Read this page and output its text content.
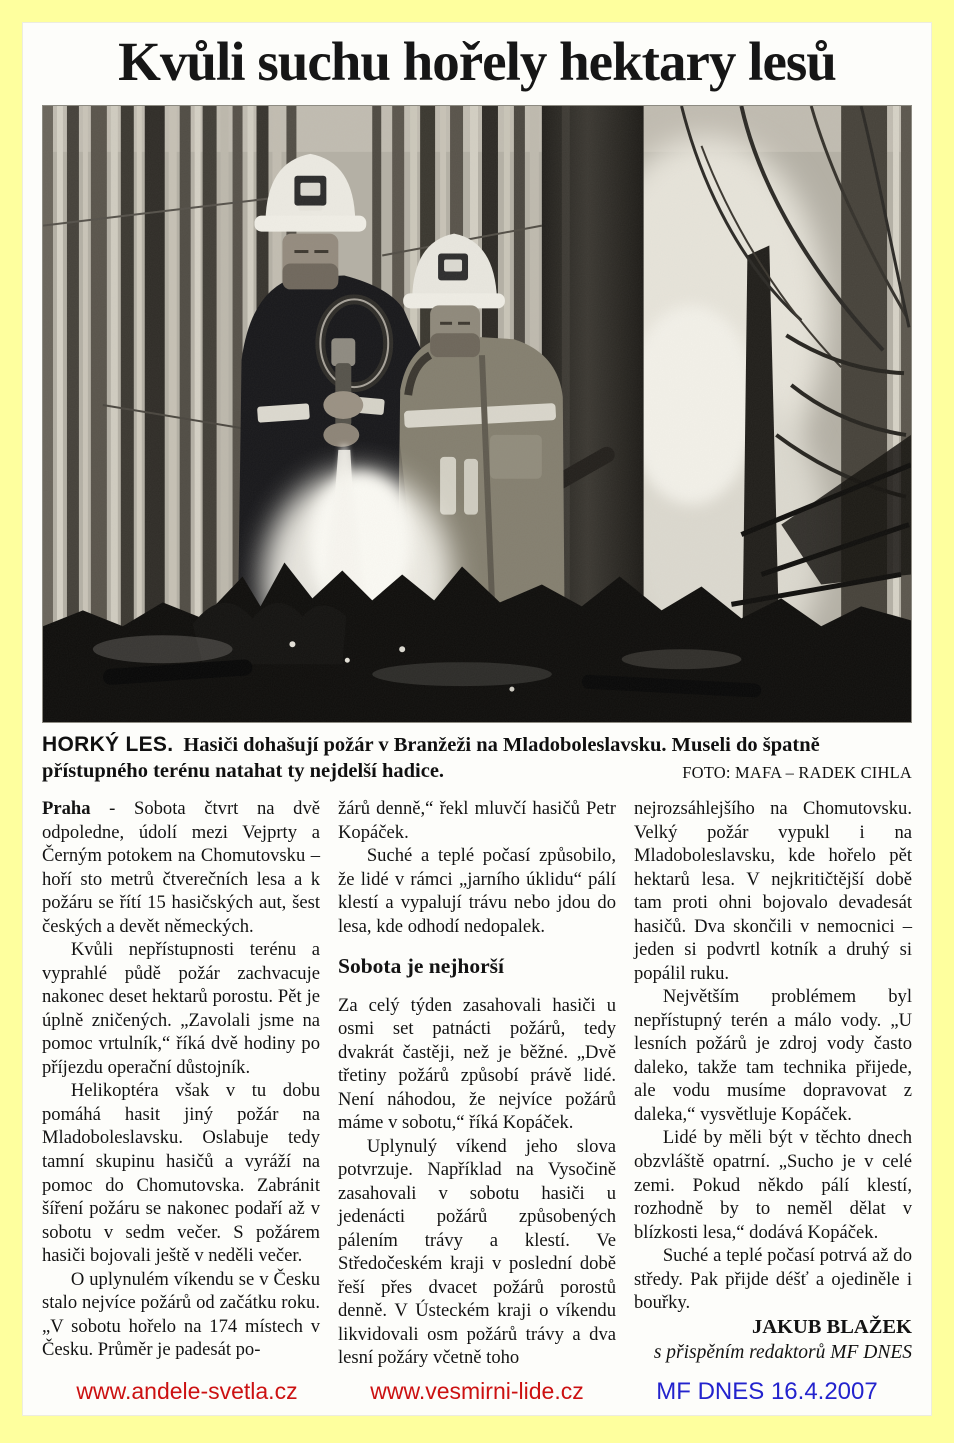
Kvůli suchu hořely hektary lesů
HORKÝ LES. Hasiči dohašují požár v Branžeži na Mladoboleslavsku. Museli do špatně přístupného terénu natahat ty nejdelší hadice.	FOTO: MAFA – RADEK CIHLA

Praha - Sobota čtvrt na dvě odpoledne, údolí mezi Vejprty a Černým potokem na Chomutovsku – hoří sto metrů čtverečních lesa a k požáru se řítí 15 hasičských aut, šest českých a devět německých.

Kvůli nepřístupnosti terénu a vyprahlé půdě požár zachvacuje nakonec deset hektarů porostu. Pět je úplně zničených. „Zavolali jsme na pomoc vrtulník,“ říká dvě hodiny po příjezdu operační důstojník.

Helikoptéra však v tu dobu pomáhá hasit jiný požár na Mladoboleslavsku. Oslabuje tedy tamní skupinu hasičů a vyráží na pomoc do Chomutovska. Zabránit šíření požáru se nakonec podaří až v sobotu v sedm večer. S požárem hasiči bojovali ještě v neděli večer.

O uplynulém víkendu se v Česku stalo nejvíce požárů od začátku roku. „V sobotu hořelo na 174 místech v Česku. Průměr je padesát po-

žárů denně,“ řekl mluvčí hasičů Petr Kopáček.

Suché a teplé počasí způsobilo, že lidé v rámci „jarního úklidu“ pálí klestí a vypalují trávu nebo jdou do lesa, kde odhodí nedopalek.

Sobota je nejhorší

Za celý týden zasahovali hasiči u osmi set patnácti požárů, tedy dvakrát častěji, než je běžné. „Dvě třetiny požárů způsobí právě lidé. Není náhodou, že nejvíce požárů máme v sobotu,“ říká Kopáček.

Uplynulý víkend jeho slova potvrzuje. Například na Vysočině zasahovali v sobotu hasiči u jedenácti požárů způsobených pálením trávy a klestí. Ve Středočeském kraji v poslední době řeší přes dvacet požárů porostů denně. V Ústeckém kraji o víkendu likvidovali osm požárů trávy a dva lesní požáry včetně toho

nejrozsáhlejšího na Chomutovsku. Velký požár vypukl i na Mladoboleslavsku, kde hořelo pět hektarů lesa. V nejkritičtější době tam proti ohni bojovalo devadesát hasičů. Dva skončili v nemocnici – jeden si podvrtl kotník a druhý si popálil ruku.

Největším problémem byl nepřístupný terén a málo vody. „U lesních požárů je zdroj vody často daleko, takže tam technika přijede, ale vodu musíme dopravovat z daleka,“ vysvětluje Kopáček.

Lidé by měli být v těchto dnech obzvláště opatrní. „Sucho je v celé zemi. Pokud někdo pálí klestí, rozhodně by to neměl dělat v blízkosti lesa,“ dodává Kopáček.

Suché a teplé počasí potrvá až do středy. Pak přijde déšť a ojediněle i bouřky.

JAKUB BLAŽEK

s přispěním redaktorů MF DNES

www.andele-svetla.cz	www.vesmirni-lide.cz	MF DNES 16.4.2007
